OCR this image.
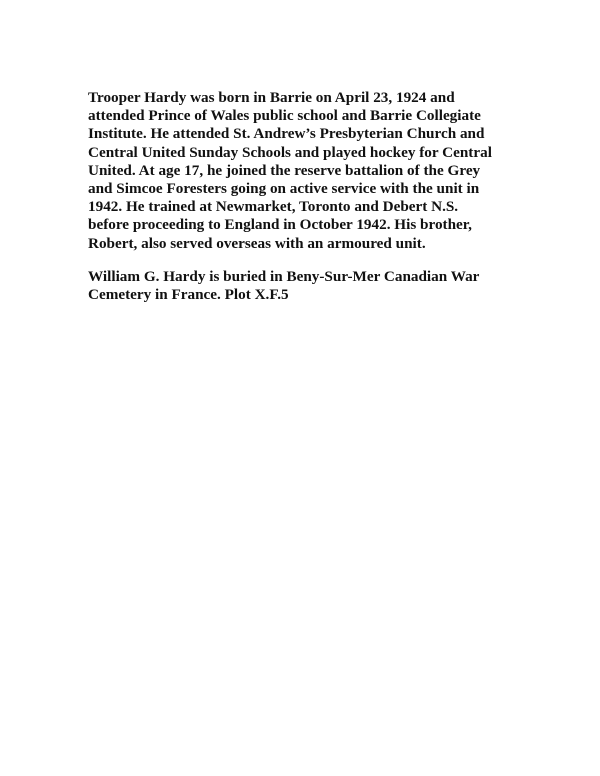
Trooper Hardy was born in Barrie on April 23, 1924 and
attended Prince of Wales public school and Barrie Collegiate
Institute. He attended St. Andrew’s Presbyterian Church and
Central United Sunday Schools and played hockey for Central
United. At age 17, he joined the reserve battalion of the Grey
and Simcoe Foresters going on active service with the unit in
1942. He trained at Newmarket, Toronto and Debert N.S.
before proceeding to England in October 1942. His brother,
Robert, also served overseas with an armoured unit.

William G. Hardy is buried in Beny-Sur-Mer Canadian War
Cemetery in France. Plot X.F.5
